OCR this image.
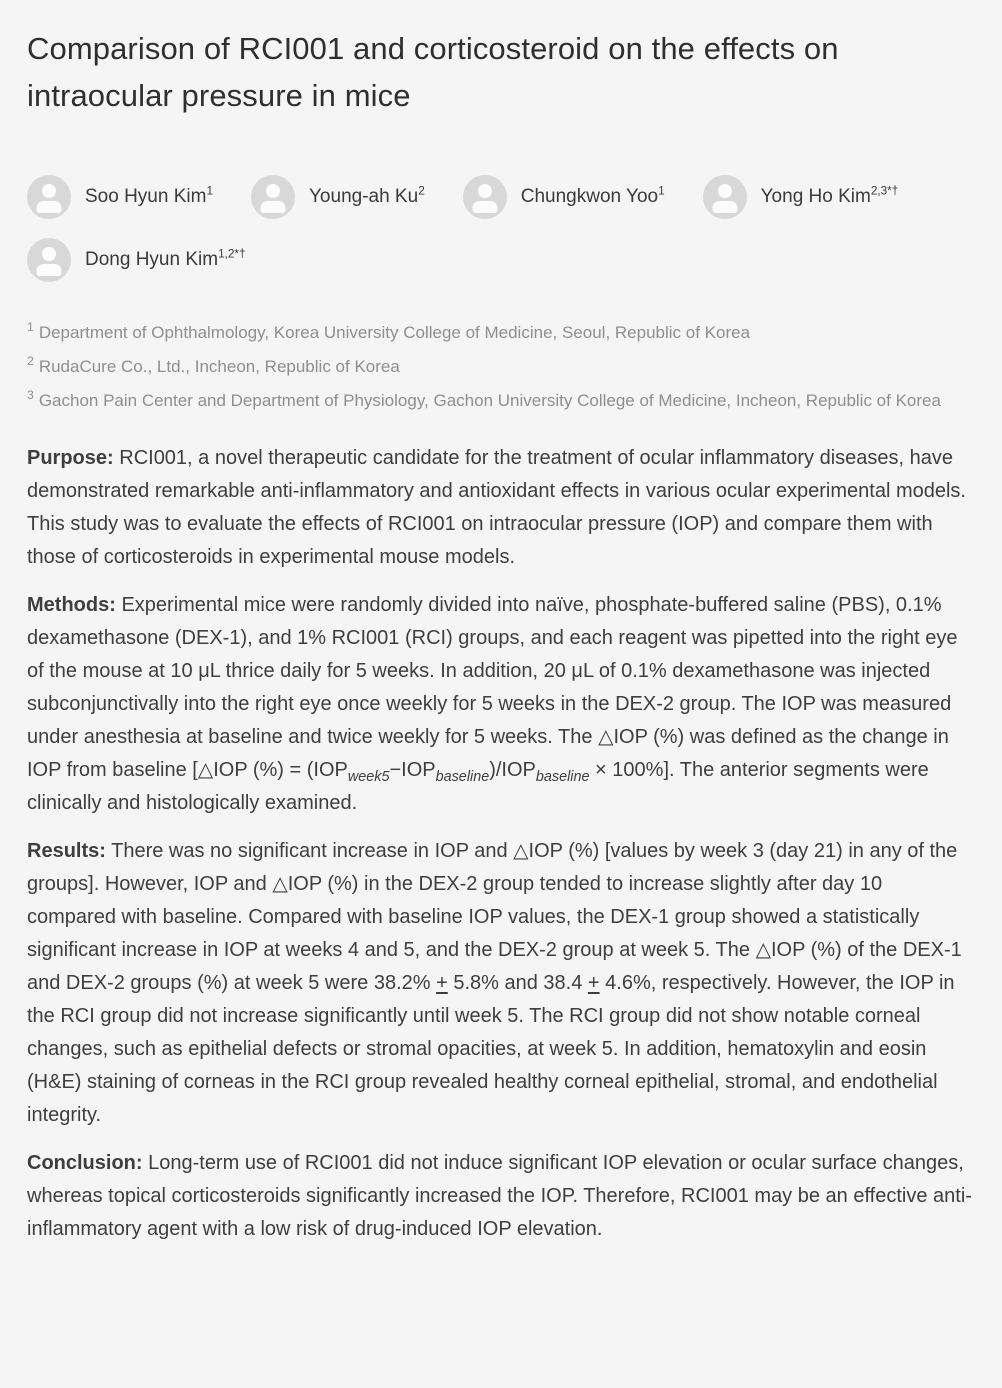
Comparison of RCI001 and corticosteroid on the effects on intraocular pressure in mice
Soo Hyun Kim$^1$	Young-ah Ku$^2$	Chungkwon Yoo$^1$	Yong Ho Kim$^{2,3*\dagger}$
Dong Hyun Kim$^{1,2*\dagger}$
$^1$ Department of Ophthalmology, Korea University College of Medicine, Seoul, Republic of Korea
$^2$ RudaCure Co., Ltd., Incheon, Republic of Korea
$^3$ Gachon Pain Center and Department of Physiology, Gachon University College of Medicine, Incheon, Republic of Korea

Purpose: RCI001, a novel therapeutic candidate for the treatment of ocular inflammatory diseases, have demonstrated remarkable anti-inflammatory and antioxidant effects in various ocular experimental models. This study was to evaluate the effects of RCI001 on intraocular pressure (IOP) and compare them with those of corticosteroids in experimental mouse models.

Methods: Experimental mice were randomly divided into naïve, phosphate-buffered saline (PBS), 0.1% dexamethasone (DEX-1), and 1% RCI001 (RCI) groups, and each reagent was pipetted into the right eye of the mouse at 10 μL thrice daily for 5 weeks. In addition, 20 μL of 0.1% dexamethasone was injected subconjunctivally into the right eye once weekly for 5 weeks in the DEX-2 group. The IOP was measured under anesthesia at baseline and twice weekly for 5 weeks. The △IOP (%) was defined as the change in IOP from baseline [△IOP (%) = $(IOP_{week5}-IOP_{baseline})/IOP_{baseline} \times 100\%$]. The anterior segments were clinically and histologically examined.

Results: There was no significant increase in IOP and △IOP (%) [values by week 3 (day 21) in any of the groups]. However, IOP and △IOP (%) in the DEX-2 group tended to increase slightly after day 10 compared with baseline. Compared with baseline IOP values, the DEX-1 group showed a statistically significant increase in IOP at weeks 4 and 5, and the DEX-2 group at week 5. The △IOP (%) of the DEX-1 and DEX-2 groups (%) at week 5 were 38.2% + 5.8% and 38.4 + 4.6%, respectively. However, the IOP in the RCI group did not increase significantly until week 5. The RCI group did not show notable corneal changes, such as epithelial defects or stromal opacities, at week 5. In addition, hematoxylin and eosin (H&E) staining of corneas in the RCI group revealed healthy corneal epithelial, stromal, and endothelial integrity.

Conclusion: Long-term use of RCI001 did not induce significant IOP elevation or ocular surface changes, whereas topical corticosteroids significantly increased the IOP. Therefore, RCI001 may be an effective anti-inflammatory agent with a low risk of drug-induced IOP elevation.
